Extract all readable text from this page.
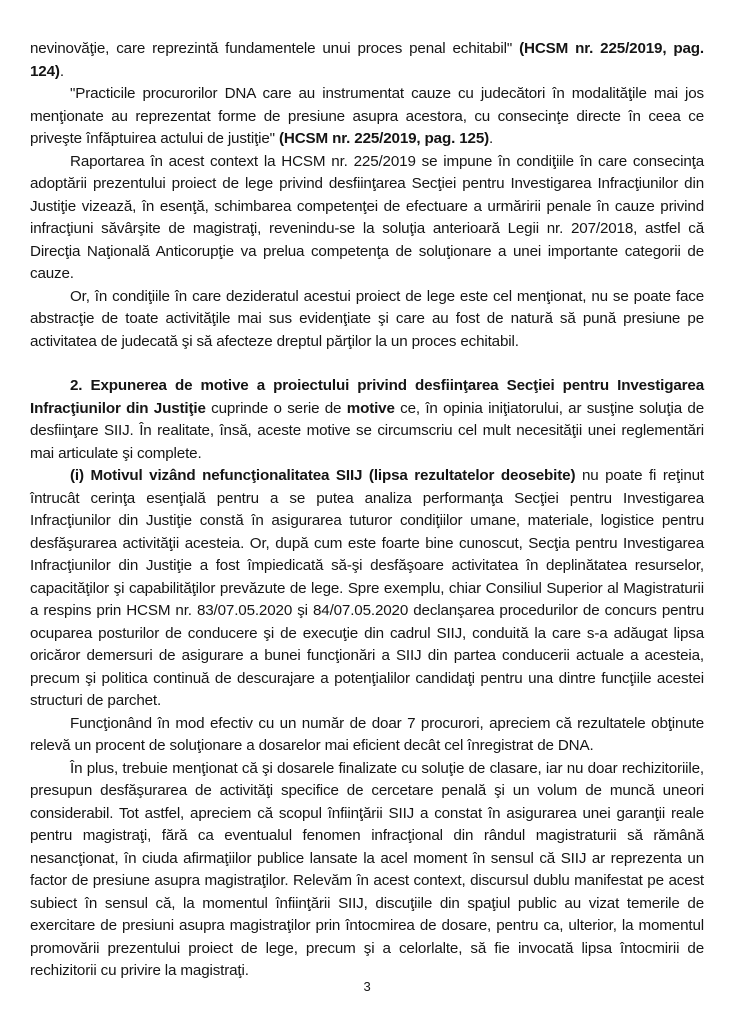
nevinovăţie, care reprezintă fundamentele unui proces penal echitabil" (HCSM nr. 225/2019, pag. 124).

"Practicile procurorilor DNA care au instrumentat cauze cu judecători în modalităţile mai jos menţionate au reprezentat forme de presiune asupra acestora, cu consecinţe directe în ceea ce priveşte înfăptuirea actului de justiţie" (HCSM nr. 225/2019, pag. 125).

Raportarea în acest context la HCSM nr. 225/2019 se impune în condiţiile în care consecinţa adoptării prezentului proiect de lege privind desfiinţarea Secţiei pentru Investigarea Infracţiunilor din Justiţie vizează, în esenţă, schimbarea competenţei de efectuare a urmăririi penale în cauze privind infracţiuni săvârşite de magistraţi, revenindu-se la soluţia anterioară Legii nr. 207/2018, astfel că Direcţia Naţională Anticorupţie va prelua competenţa de soluţionare a unei importante categorii de cauze.

Or, în condiţiile în care dezideratul acestui proiect de lege este cel menţionat, nu se poate face abstracţie de toate activităţile mai sus evidenţiate şi care au fost de natură să pună presiune pe activitatea de judecată şi să afecteze dreptul părţilor la un proces echitabil.

2. Expunerea de motive a proiectului privind desfiinţarea Secţiei pentru Investigarea Infracţiunilor din Justiţie cuprinde o serie de motive ce, în opinia iniţiatorului, ar susţine soluţia de desfiinţare SIIJ. În realitate, însă, aceste motive se circumscriu cel mult necesităţii unei reglementări mai articulate şi complete.

(i) Motivul vizând nefuncţionalitatea SIIJ (lipsa rezultatelor deosebite) nu poate fi reţinut întrucât cerinţa esenţială pentru a se putea analiza performanţa Secţiei pentru Investigarea Infracţiunilor din Justiţie constă în asigurarea tuturor condiţiilor umane, materiale, logistice pentru desfăşurarea activităţii acesteia. Or, după cum este foarte bine cunoscut, Secţia pentru Investigarea Infracţiunilor din Justiţie a fost împiedicată să-şi desfăşoare activitatea în deplinătatea resurselor, capacităţilor şi capabilităţilor prevăzute de lege. Spre exemplu, chiar Consiliul Superior al Magistraturii a respins prin HCSM nr. 83/07.05.2020 şi 84/07.05.2020 declanşarea procedurilor de concurs pentru ocuparea posturilor de conducere şi de execuţie din cadrul SIIJ, conduită la care s-a adăugat lipsa oricăror demersuri de asigurare a bunei funcţionări a SIIJ din partea conducerii actuale a acesteia, precum şi politica continuă de descurajare a potenţialilor candidaţi pentru una dintre funcţiile acestei structuri de parchet.

Funcţionând în mod efectiv cu un număr de doar 7 procurori, apreciem că rezultatele obţinute relevă un procent de soluţionare a dosarelor mai eficient decât cel înregistrat de DNA.

În plus, trebuie menţionat că şi dosarele finalizate cu soluţie de clasare, iar nu doar rechizitoriile, presupun desfăşurarea de activităţi specifice de cercetare penală şi un volum de muncă uneori considerabil. Tot astfel, apreciem că scopul înfiinţării SIIJ a constat în asigurarea unei garanţii reale pentru magistraţi, fără ca eventualul fenomen infracţional din rândul magistraturii să rămână nesancţionat, în ciuda afirmaţiilor publice lansate la acel moment în sensul că SIIJ ar reprezenta un factor de presiune asupra magistraţilor. Relevăm în acest context, discursul dublu manifestat pe acest subiect în sensul că, la momentul înfiinţării SIIJ, discuţiile din spaţiul public au vizat temerile de exercitare de presiuni asupra magistraţilor prin întocmirea de dosare, pentru ca, ulterior, la momentul promovării prezentului proiect de lege, precum şi a celorlalte, să fie invocată lipsa întocmirii de rechizitorii cu privire la magistraţi.

3
